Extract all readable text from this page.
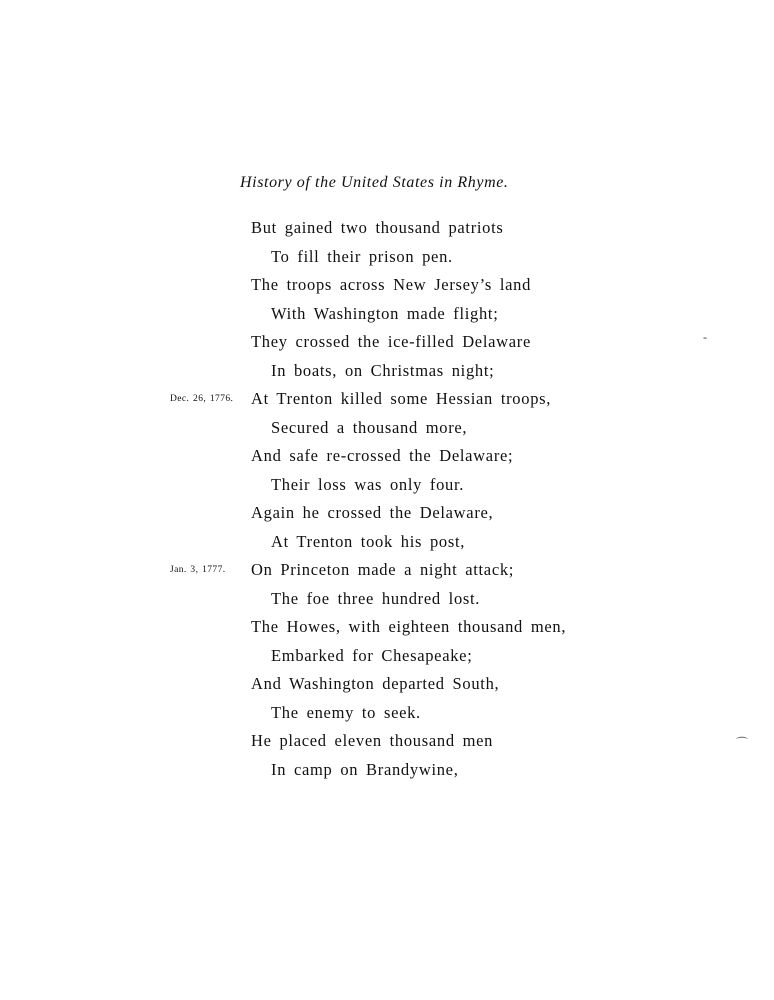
History of the United States in Rhyme.
But gained two thousand patriots
To fill their prison pen.
The troops across New Jersey’s land
With Washington made flight;
They crossed the ice-filled Delaware
In boats, on Christmas night;
Dec. 26, 1776. At Trenton killed some Hessian troops,
Secured a thousand more,
And safe re-crossed the Delaware;
Their loss was only four.
Again he crossed the Delaware,
At Trenton took his post,
Jan. 3, 1777. On Princeton made a night attack;
The foe three hundred lost.
The Howes, with eighteen thousand men,
Embarked for Chesapeake;
And Washington departed South,
The enemy to seek.
He placed eleven thousand men
In camp on Brandywine,
-
⌒
